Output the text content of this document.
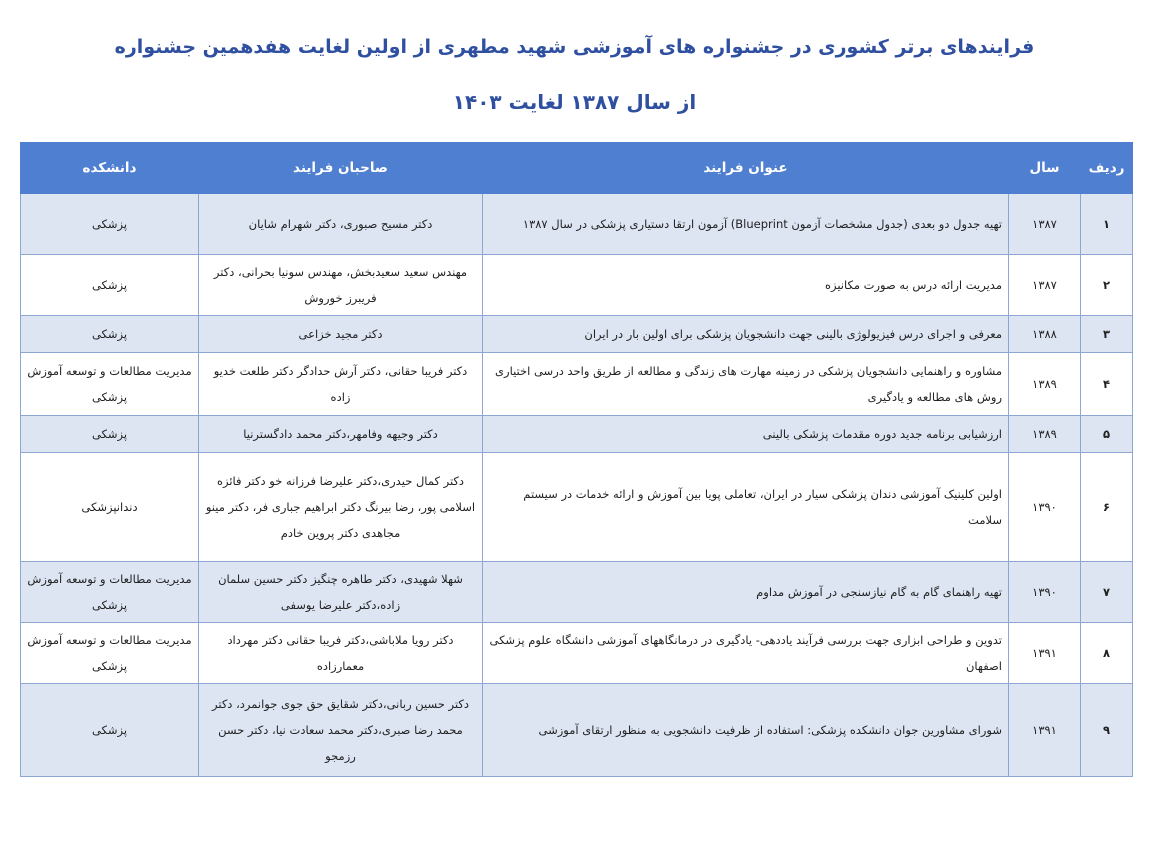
فرایندهای برتر کشوری در جشنواره های آموزشی شهید مطهری از اولین لغایت هفدهمین جشنواره

از سال ۱۳۸۷ لغایت ۱۴۰۳

ردیف	سال	عنوان فرایند	صاحبان فرایند	دانشکده
۱	۱۳۸۷	تهیه جدول دو بعدی (جدول مشخصات آزمون Blueprint) آزمون ارتقا دستیاری پزشکی در سال ۱۳۸۷	دکتر مسیح صبوری، دکتر شهرام شایان	پزشکی
۲	۱۳۸۷	مدیریت ارائه درس به صورت مکانیزه	مهندس سعید سعیدبخش، مهندس سونیا بحرانی، دکتر فریبرز خوروش	پزشکی
۳	۱۳۸۸	معرفی و اجرای درس فیزیولوژی بالینی جهت دانشجویان پزشکی برای اولین بار در ایران	دکتر مجید خزاعی	پزشکی
۴	۱۳۸۹	مشاوره و راهنمایی دانشجویان پزشکی در زمینه مهارت های زندگی و مطالعه از طریق واحد درسی اختیاری روش های مطالعه و یادگیری	دکتر فریبا حقانی، دکتر آرش حدادگر دکتر طلعت خدیو زاده	مدیریت مطالعات و توسعه آموزش پزشکی
۵	۱۳۸۹	ارزشیابی برنامه جدید دوره مقدمات پزشکی بالینی	دکتر وجیهه وفامهر،دکتر محمد دادگسترنیا	پزشکی
۶	۱۳۹۰	اولین کلینیک آموزشی دندان پزشکی سیار در ایران، تعاملی پویا بین آموزش و ارائه خدمات در سیستم سلامت	دکتر کمال حیدری،دکتر علیرضا فرزانه خو دکتر فائزه اسلامی پور، رضا بیرنگ دکتر ابراهیم جباری فر، دکتر مینو مجاهدی دکتر پروین خادم	دندانپزشکی
۷	۱۳۹۰	تهیه راهنمای گام به گام نیازسنجی در آموزش مداوم	شهلا شهیدی، دکتر طاهره چنگیز دکتر حسین سلمان زاده،دکتر علیرضا یوسفی	مدیریت مطالعات و توسعه آموزش پزشکی
۸	۱۳۹۱	تدوین و طراحی ابزاری جهت بررسی فرآیند یاددهی- یادگیری در درمانگاههای آموزشی دانشگاه علوم پزشکی اصفهان	دکتر رویا ملاباشی،دکتر فریبا حقانی دکتر مهرداد معمارزاده	مدیریت مطالعات و توسعه آموزش پزشکی
۹	۱۳۹۱	شورای مشاورین جوان دانشکده پزشکی: استفاده از ظرفیت دانشجویی به منظور ارتقای آموزشی	دکتر حسین ربانی،دکتر شقایق حق جوی جوانمرد، دکتر محمد رضا صبری،دکتر محمد سعادت نیا، دکتر حسن رزمجو	پزشکی
